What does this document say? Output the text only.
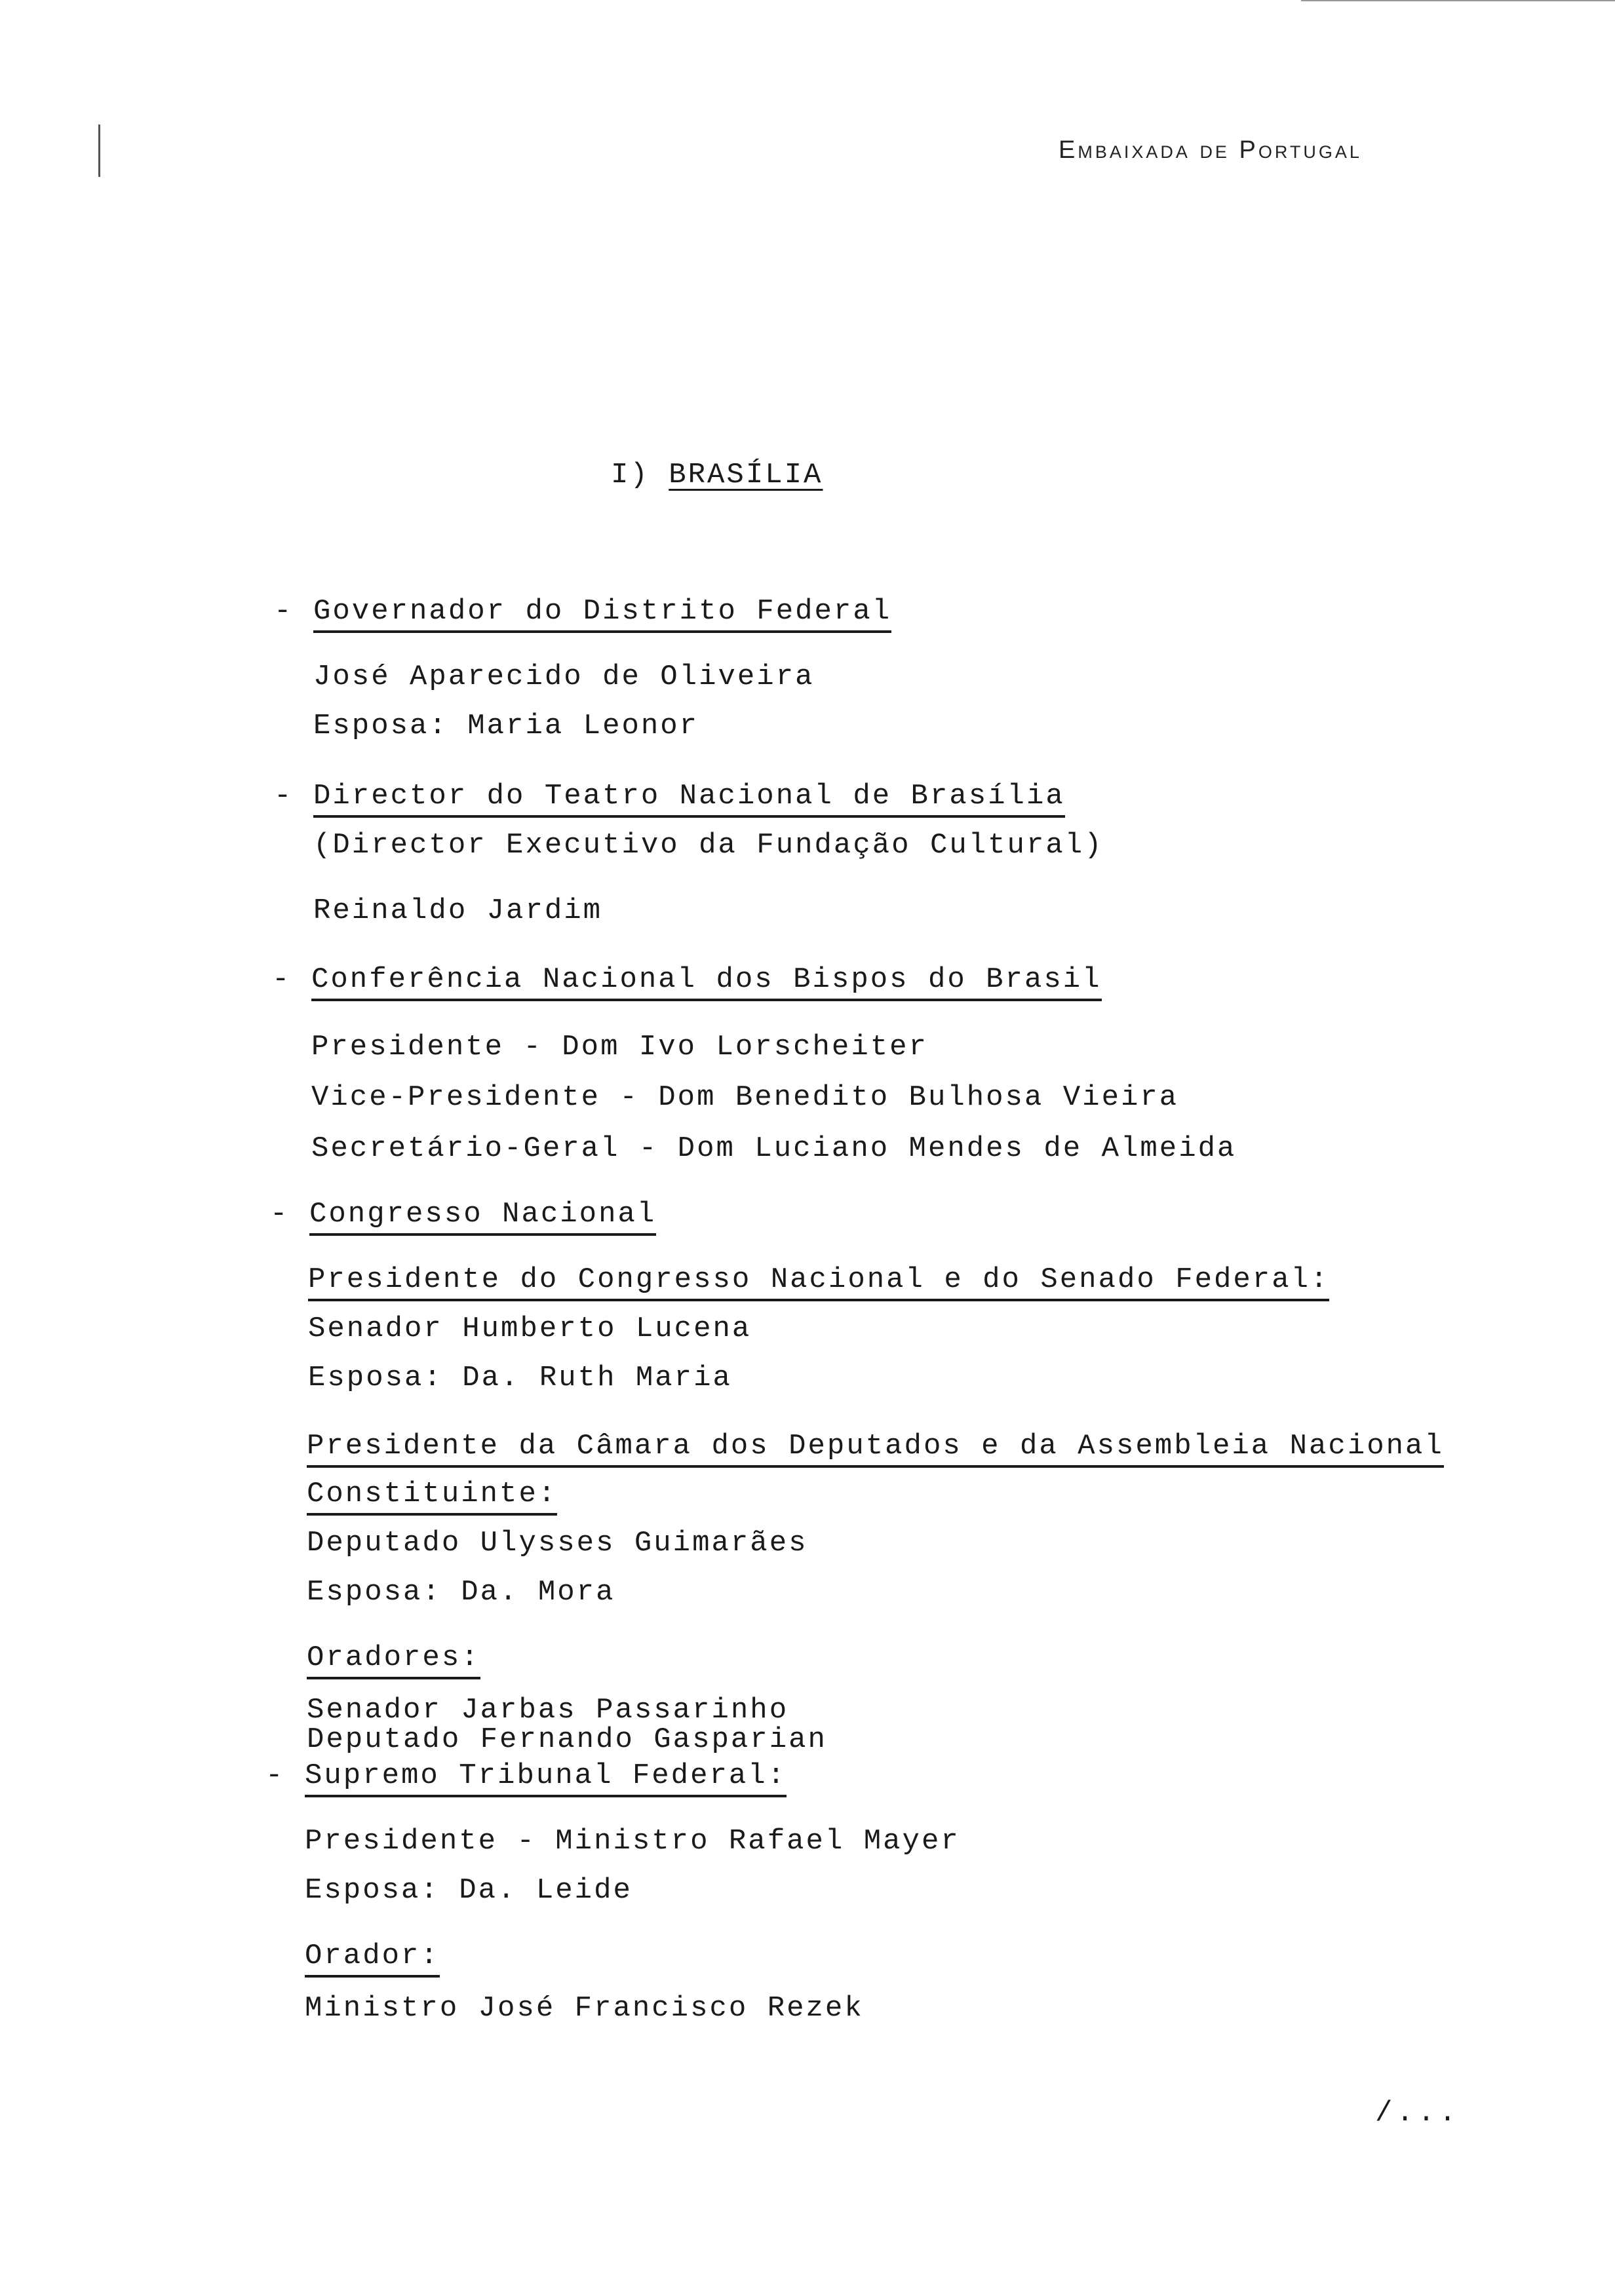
Embaixada de Portugal
I) BRASÍLIA
- Governador do Distrito Federal
José Aparecido de Oliveira
Esposa: Maria Leonor
- Director do Teatro Nacional de Brasília
(Director Executivo da Fundação Cultural)
Reinaldo Jardim
- Conferência Nacional dos Bispos do Brasil
Presidente - Dom Ivo Lorscheiter
Vice-Presidente - Dom Benedito Bulhosa Vieira
Secretário-Geral - Dom Luciano Mendes de Almeida
- Congresso Nacional
Presidente do Congresso Nacional e do Senado Federal:
Senador Humberto Lucena
Esposa: Da. Ruth Maria
Presidente da Câmara dos Deputados e da Assembleia Nacional
Constituinte:
Deputado Ulysses Guimarães
Esposa: Da. Mora
Oradores:
Senador Jarbas Passarinho
Deputado Fernando Gasparian
- Supremo Tribunal Federal:
Presidente - Ministro Rafael Mayer
Esposa: Da. Leide
Orador:
Ministro José Francisco Rezek
/...
